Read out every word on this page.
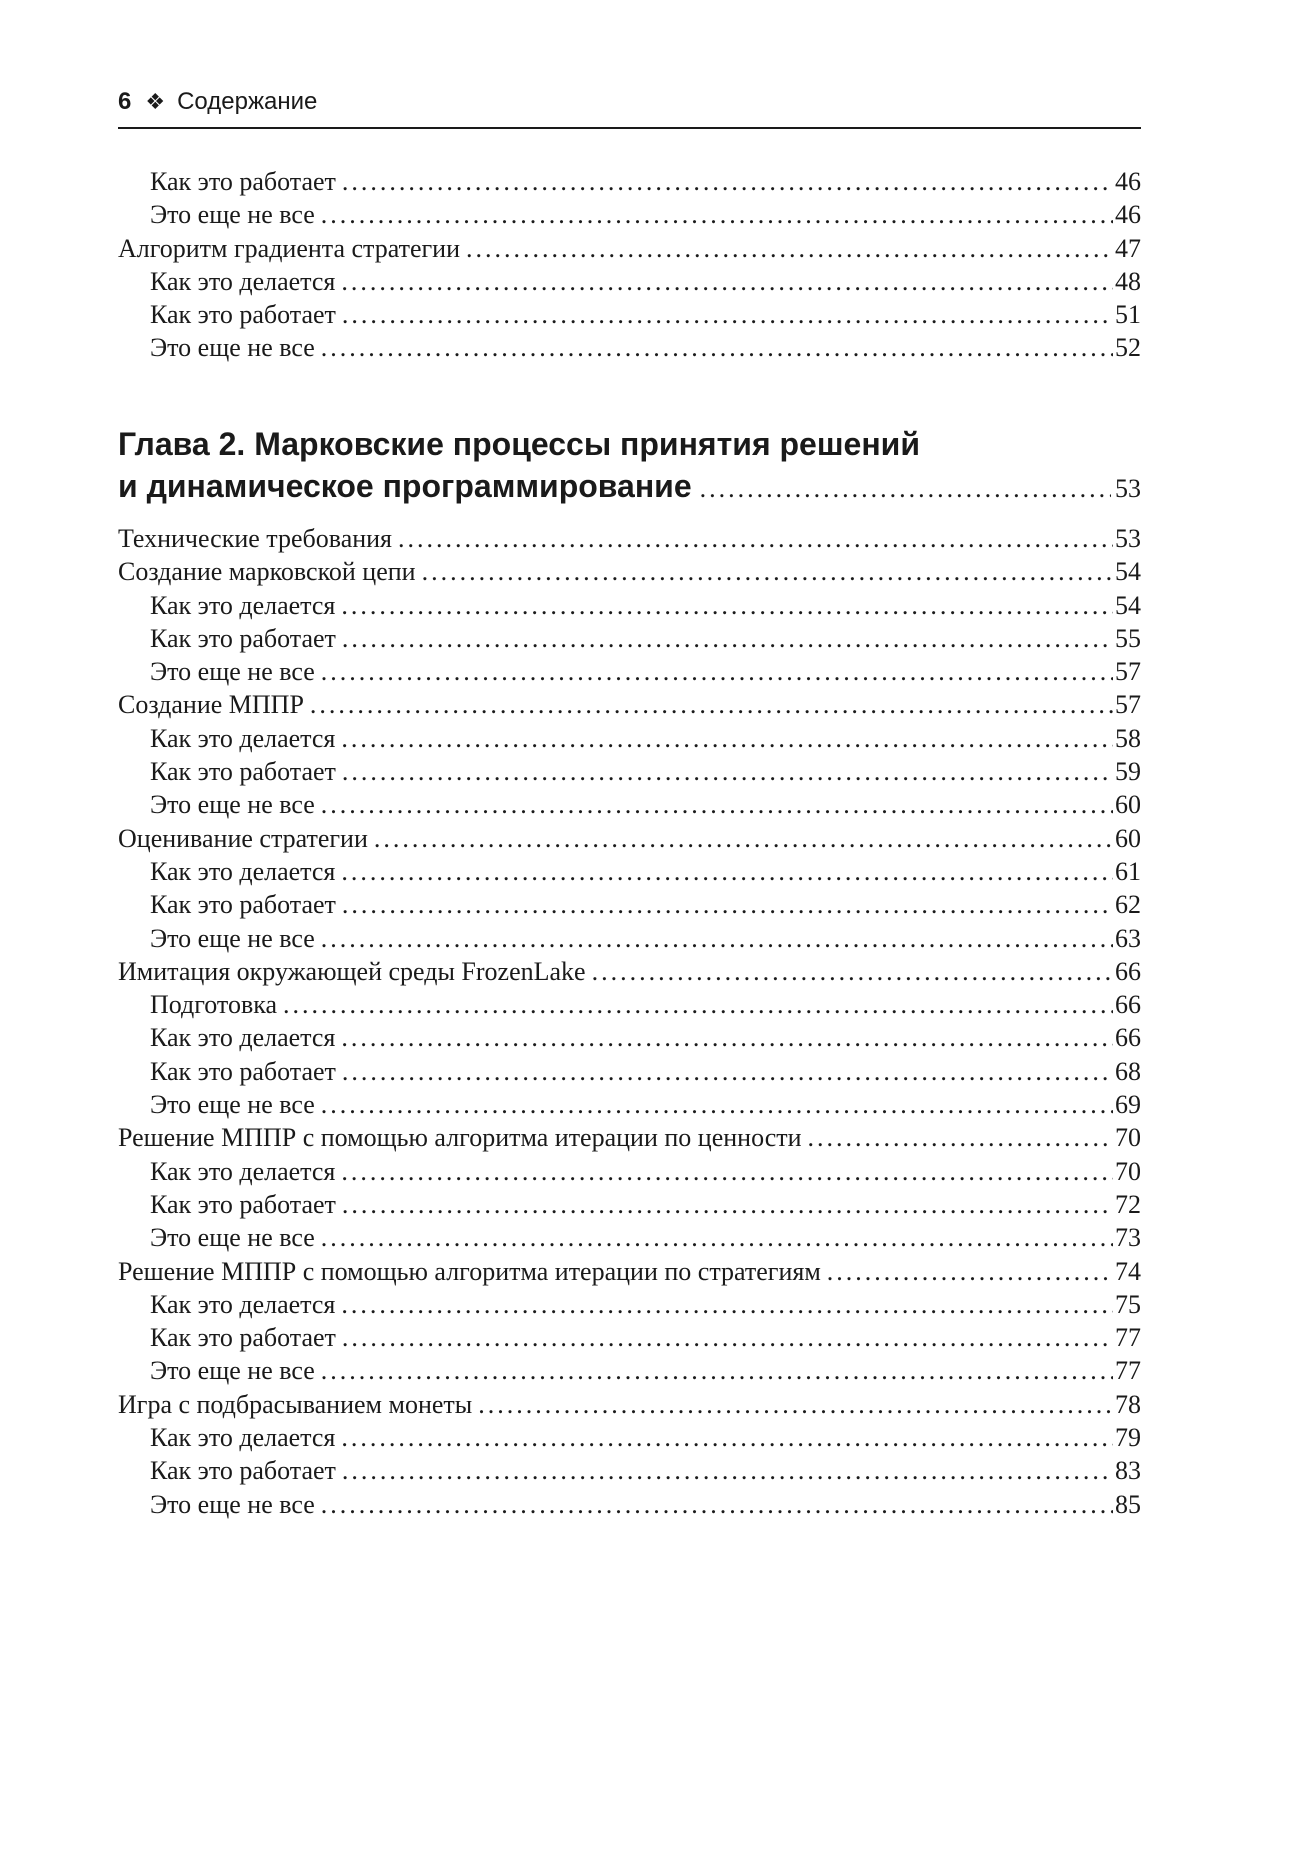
6 ❖ Содержание
Как это работает .....	46
Это еще не все .....	46
Алгоритм градиента стратегии .....	47
Как это делается .....	48
Как это работает .....	51
Это еще не все .....	52
Глава 2. Марковские процессы принятия решений
и динамическое программирование .....	53
Технические требования .....	53
Создание марковской цепи .....	54
Как это делается .....	54
Как это работает .....	55
Это еще не все .....	57
Создание МППР .....	57
Как это делается .....	58
Как это работает .....	59
Это еще не все .....	60
Оценивание стратегии .....	60
Как это делается .....	61
Как это работает .....	62
Это еще не все .....	63
Имитация окружающей среды FrozenLake .....	66
Подготовка .....	66
Как это делается .....	66
Как это работает .....	68
Это еще не все .....	69
Решение МППР с помощью алгоритма итерации по ценности .....	70
Как это делается .....	70
Как это работает .....	72
Это еще не все .....	73
Решение МППР с помощью алгоритма итерации по стратегиям .....	74
Как это делается .....	75
Как это работает .....	77
Это еще не все .....	77
Игра с подбрасыванием монеты .....	78
Как это делается .....	79
Как это работает .....	83
Это еще не все .....	85
